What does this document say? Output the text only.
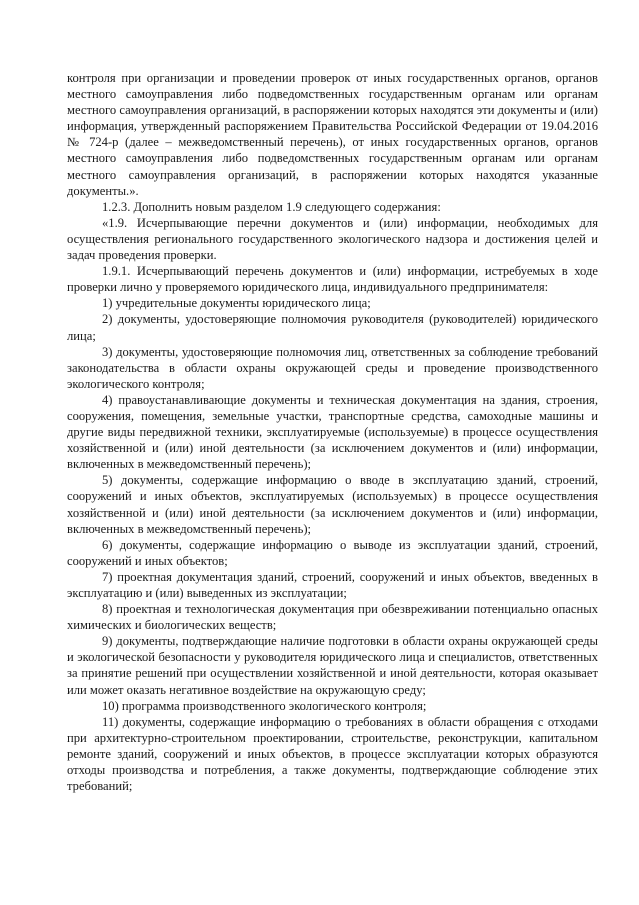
контроля при организации и проведении проверок от иных государственных органов, органов местного самоуправления либо подведомственных государственным органам или органам местного самоуправления организаций, в распоряжении которых находятся эти документы и (или) информация, утвержденный распоряжением Правительства Российской Федерации от 19.04.2016 № 724-р (далее – межведомственный перечень), от иных государственных органов, органов местного самоуправления либо подведомственных государственным органам или органам местного самоуправления организаций, в распоряжении которых находятся указанные документы.».

1.2.3. Дополнить новым разделом 1.9 следующего содержания:

«1.9. Исчерпывающие перечни документов и (или) информации, необходимых для осуществления регионального государственного экологического надзора и достижения целей и задач проведения проверки.

1.9.1. Исчерпывающий перечень документов и (или) информации, истребуемых в ходе проверки лично у проверяемого юридического лица, индивидуального предпринимателя:

1) учредительные документы юридического лица;

2) документы, удостоверяющие полномочия руководителя (руководителей) юридического лица;

3) документы, удостоверяющие полномочия лиц, ответственных за соблюдение требований законодательства в области охраны окружающей среды и проведение производственного экологического контроля;

4) правоустанавливающие документы и техническая документация на здания, строения, сооружения, помещения, земельные участки, транспортные средства, самоходные машины и другие виды передвижной техники, эксплуатируемые (используемые) в процессе осуществления хозяйственной и (или) иной деятельности (за исключением документов и (или) информации, включенных в межведомственный перечень);

5) документы, содержащие информацию о вводе в эксплуатацию зданий, строений, сооружений и иных объектов, эксплуатируемых (используемых) в процессе осуществления хозяйственной и (или) иной деятельности (за исключением документов и (или) информации, включенных в межведомственный перечень);

6) документы, содержащие информацию о выводе из эксплуатации зданий, строений, сооружений и иных объектов;

7) проектная документация зданий, строений, сооружений и иных объектов, введенных в эксплуатацию и (или) выведенных из эксплуатации;

8) проектная и технологическая документация при обезвреживании потенциально опасных химических и биологических веществ;

9) документы, подтверждающие наличие подготовки в области охраны окружающей среды и экологической безопасности у руководителя юридического лица и специалистов, ответственных за принятие решений при осуществлении хозяйственной и иной деятельности, которая оказывает или может оказать негативное воздействие на окружающую среду;

10) программа производственного экологического контроля;

11) документы, содержащие информацию о требованиях в области обращения с отходами при архитектурно-строительном проектировании, строительстве, реконструкции, капитальном ремонте зданий, сооружений и иных объектов, в процессе эксплуатации которых образуются отходы производства и потребления, а также документы, подтверждающие соблюдение этих требований;
